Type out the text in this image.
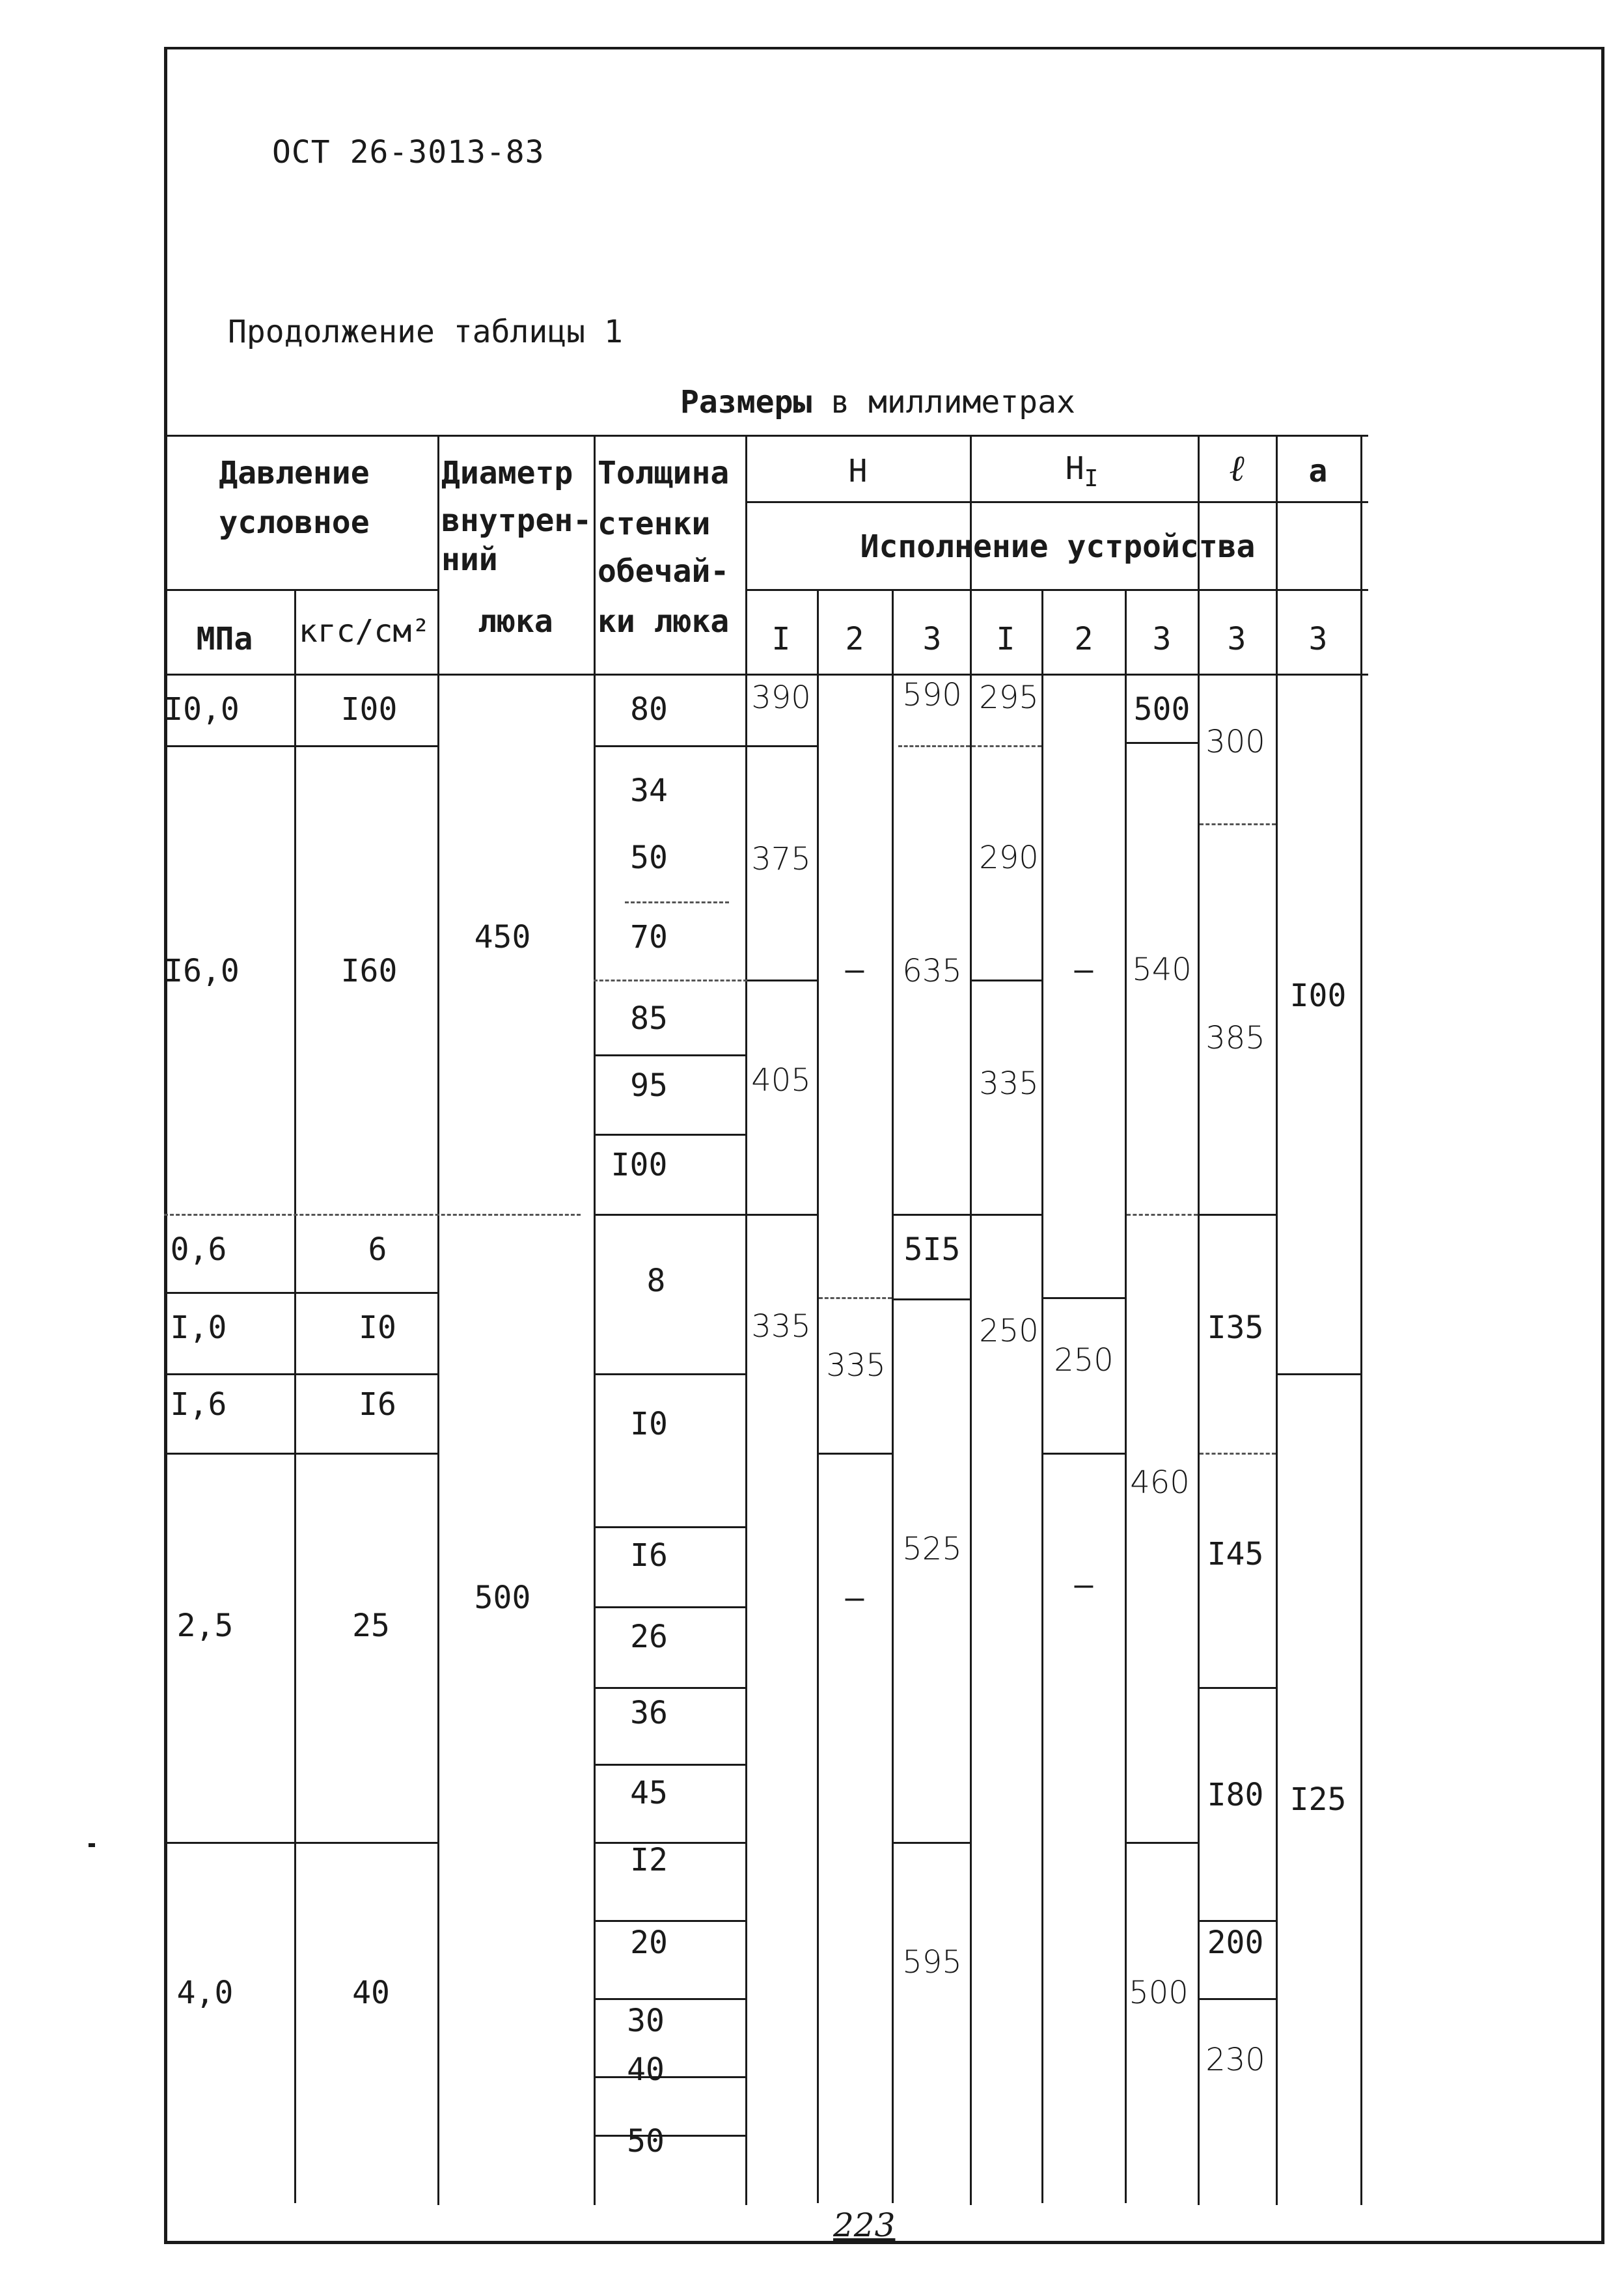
ОСТ 26-3013-83
Продолжение таблицы 1
Размеры в миллиметрах
Давление
условное
МПа кгс/см²
Диаметр
внутрен-
ний
люка
Толщина
стенки
обечай-
ки люка
Н	$Н_I$	ℓ а
Исполнение устройства
I 2 3 I 2 3 3 3
I0,0
I6,0
0,6
I,0
I,6
2,5
4,0
I00
I60
6
I0
I6
25
40
450
500
80
34
50
70
85
95
I00
8
I0
I6
26
36
45
I2
20
30
40
50
390
375
405
335
—
335
—
590
635
5I5
525
595
295
290
335
250
—
250
—
500
540
460
500
300
385
I35
I45
I80
200
230
I00
I25
223
